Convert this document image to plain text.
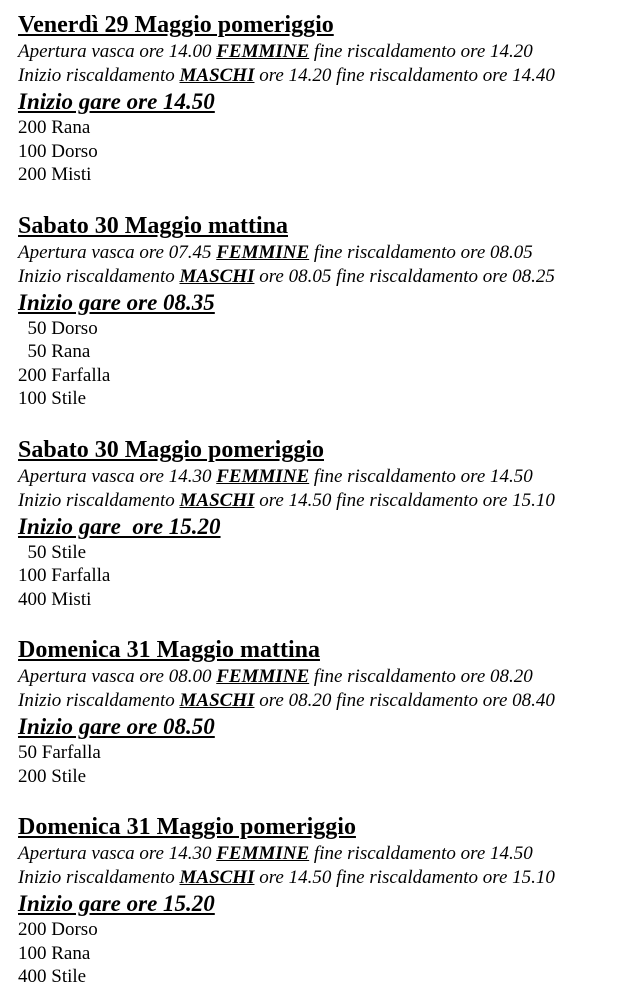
Venerdì 29 Maggio pomeriggio
Apertura vasca ore 14.00 FEMMINE fine riscaldamento ore 14.20
Inizio riscaldamento MASCHI ore 14.20 fine riscaldamento ore 14.40
Inizio gare ore 14.50
200 Rana
100 Dorso
200 Misti
Sabato 30 Maggio mattina
Apertura vasca ore 07.45 FEMMINE fine riscaldamento ore 08.05
Inizio riscaldamento MASCHI ore 08.05 fine riscaldamento ore 08.25
Inizio gare ore 08.35
50 Dorso
50 Rana
200 Farfalla
100 Stile
Sabato 30 Maggio pomeriggio
Apertura vasca ore 14.30 FEMMINE fine riscaldamento ore 14.50
Inizio riscaldamento MASCHI ore 14.50 fine riscaldamento ore 15.10
Inizio gare  ore 15.20
50 Stile
100 Farfalla
400 Misti
Domenica 31 Maggio mattina
Apertura vasca ore 08.00 FEMMINE fine riscaldamento ore 08.20
Inizio riscaldamento MASCHI ore 08.20 fine riscaldamento ore 08.40
Inizio gare ore 08.50
50 Farfalla
200 Stile
Domenica 31 Maggio pomeriggio
Apertura vasca ore 14.30 FEMMINE fine riscaldamento ore 14.50
Inizio riscaldamento MASCHI ore 14.50 fine riscaldamento ore 15.10
Inizio gare ore 15.20
200 Dorso
100 Rana
400 Stile
